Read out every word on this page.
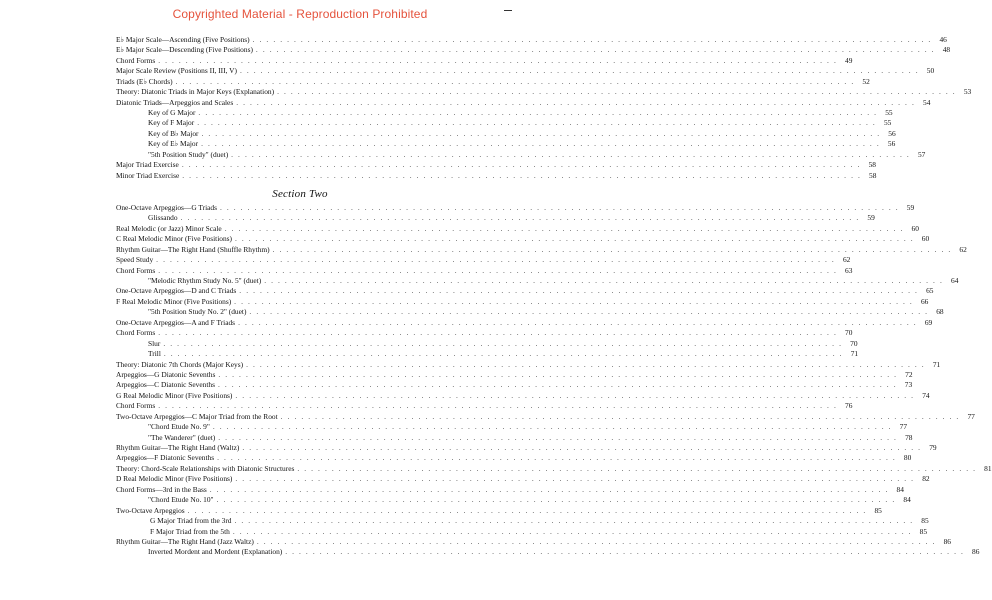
Copyrighted Material - Reproduction Prohibited
E♭ Major Scale—Ascending (Five Positions) . . . . . . . . . . . . . . . . . . . . . . . . . . . . . . . . . . . . . . . . . . . . . . . . . . . . . . . . . . . . . . . . . . . . . . . . . . . . . . . . . . . . . . . . . . . . . . . . . . .	46
E♭ Major Scale—Descending (Five Positions) . . . . . . . . . . . . . . . . . . . . . . . . . . . . . . . . . . . . . . . . . . . . . . . . . . . . . . . . . . . . . . . . . . . . . . . . . . . . . . . . . . . . . . . . . . . . . . . . . . .	48
Chord Forms . . . . . . . . . . . . . . . . . . . . . . . . . . . . . . . . . . . . . . . . . . . . . . . . . . . . . . . . . . . . . . . . . . . . . . . . . . . . . . . . . . . . . . . . . . . . . . . . . . .	49
Major Scale Review (Positions II, III, V) . . . . . . . . . . . . . . . . . . . . . . . . . . . . . . . . . . . . . . . . . . . . . . . . . . . . . . . . . . . . . . . . . . . . . . . . . . . . . . . . . . . . . . . . . . . . . . . . . . .	50
Triads (E♭ Chords) . . . . . . . . . . . . . . . . . . . . . . . . . . . . . . . . . . . . . . . . . . . . . . . . . . . . . . . . . . . . . . . . . . . . . . . . . . . . . . . . . . . . . . . . . . . . . . . . . . .	52
Theory: Diatonic Triads in Major Keys (Explanation) . . . . . . . . . . . . . . . . . . . . . . . . . . . . . . . . . . . . . . . . . . . . . . . . . . . . . . . . . . . . . . . . . . . . . . . . . . . . . . . . . . . . . . . . . . . . . . . . . . .	53
Diatonic Triads—Arpeggios and Scales . . . . . . . . . . . . . . . . . . . . . . . . . . . . . . . . . . . . . . . . . . . . . . . . . . . . . . . . . . . . . . . . . . . . . . . . . . . . . . . . . . . . . . . . . . . . . . . . . . .	54
Key of G Major . . . . . . . . . . . . . . . . . . . . . . . . . . . . . . . . . . . . . . . . . . . . . . . . . . . . . . . . . . . . . . . . . . . . . . . . . . . . . . . . . . . . . . . . . . . . . . . . . . .	55
Key of F Major . . . . . . . . . . . . . . . . . . . . . . . . . . . . . . . . . . . . . . . . . . . . . . . . . . . . . . . . . . . . . . . . . . . . . . . . . . . . . . . . . . . . . . . . . . . . . . . . . . .	55
Key of B♭ Major . . . . . . . . . . . . . . . . . . . . . . . . . . . . . . . . . . . . . . . . . . . . . . . . . . . . . . . . . . . . . . . . . . . . . . . . . . . . . . . . . . . . . . . . . . . . . . . . . . .	56
Key of E♭ Major . . . . . . . . . . . . . . . . . . . . . . . . . . . . . . . . . . . . . . . . . . . . . . . . . . . . . . . . . . . . . . . . . . . . . . . . . . . . . . . . . . . . . . . . . . . . . . . . . . .	56
"5th Position Study" (duet) . . . . . . . . . . . . . . . . . . . . . . . . . . . . . . . . . . . . . . . . . . . . . . . . . . . . . . . . . . . . . . . . . . . . . . . . . . . . . . . . . . . . . . . . . . . . . . . . . . .	57
Major Triad Exercise . . . . . . . . . . . . . . . . . . . . . . . . . . . . . . . . . . . . . . . . . . . . . . . . . . . . . . . . . . . . . . . . . . . . . . . . . . . . . . . . . . . . . . . . . . . . . . . . . . .	58
Minor Triad Exercise . . . . . . . . . . . . . . . . . . . . . . . . . . . . . . . . . . . . . . . . . . . . . . . . . . . . . . . . . . . . . . . . . . . . . . . . . . . . . . . . . . . . . . . . . . . . . . . . . . .	58
Section Two
One-Octave Arpeggios—G Triads . . . . . . . . . . . . . . . . . . . . . . . . . . . . . . . . . . . . . . . . . . . . . . . . . . . . . . . . . . . . . . . . . . . . . . . . . . . . . . . . . . . . . . . . . . . . . . . . . . .	59
Glissando . . . . . . . . . . . . . . . . . . . . . . . . . . . . . . . . . . . . . . . . . . . . . . . . . . . . . . . . . . . . . . . . . . . . . . . . . . . . . . . . . . . . . . . . . . . . . . . . . . .	59
Real Melodic (or Jazz) Minor Scale . . . . . . . . . . . . . . . . . . . . . . . . . . . . . . . . . . . . . . . . . . . . . . . . . . . . . . . . . . . . . . . . . . . . . . . . . . . . . . . . . . . . . . . . . . . . . . . . . . .	60
C Real Melodic Minor (Five Positions) . . . . . . . . . . . . . . . . . . . . . . . . . . . . . . . . . . . . . . . . . . . . . . . . . . . . . . . . . . . . . . . . . . . . . . . . . . . . . . . . . . . . . . . . . . . . . . . . . . .	60
Rhythm Guitar—The Right Hand (Shuffle Rhythm) . . . . . . . . . . . . . . . . . . . . . . . . . . . . . . . . . . . . . . . . . . . . . . . . . . . . . . . . . . . . . . . . . . . . . . . . . . . . . . . . . . . . . . . . . . . . . . . . . . .	62
Speed Study . . . . . . . . . . . . . . . . . . . . . . . . . . . . . . . . . . . . . . . . . . . . . . . . . . . . . . . . . . . . . . . . . . . . . . . . . . . . . . . . . . . . . . . . . . . . . . . . . . .	62
Chord Forms . . . . . . . . . . . . . . . . . . . . . . . . . . . . . . . . . . . . . . . . . . . . . . . . . . . . . . . . . . . . . . . . . . . . . . . . . . . . . . . . . . . . . . . . . . . . . . . . . . .	63
"Melodic Rhythm Study No. 5" (duet) . . . . . . . . . . . . . . . . . . . . . . . . . . . . . . . . . . . . . . . . . . . . . . . . . . . . . . . . . . . . . . . . . . . . . . . . . . . . . . . . . . . . . . . . . . . . . . . . . . .	64
One-Octave Arpeggios—D and C Triads . . . . . . . . . . . . . . . . . . . . . . . . . . . . . . . . . . . . . . . . . . . . . . . . . . . . . . . . . . . . . . . . . . . . . . . . . . . . . . . . . . . . . . . . . . . . . . . . . . .	65
F Real Melodic Minor (Five Positions) . . . . . . . . . . . . . . . . . . . . . . . . . . . . . . . . . . . . . . . . . . . . . . . . . . . . . . . . . . . . . . . . . . . . . . . . . . . . . . . . . . . . . . . . . . . . . . . . . . .	66
"5th Position Study No. 2" (duet) . . . . . . . . . . . . . . . . . . . . . . . . . . . . . . . . . . . . . . . . . . . . . . . . . . . . . . . . . . . . . . . . . . . . . . . . . . . . . . . . . . . . . . . . . . . . . . . . . . .	68
One-Octave Arpeggios—A and F Triads . . . . . . . . . . . . . . . . . . . . . . . . . . . . . . . . . . . . . . . . . . . . . . . . . . . . . . . . . . . . . . . . . . . . . . . . . . . . . . . . . . . . . . . . . . . . . . . . . . .	69
Chord Forms . . . . . . . . . . . . . . . . . . . . . . . . . . . . . . . . . . . . . . . . . . . . . . . . . . . . . . . . . . . . . . . . . . . . . . . . . . . . . . . . . . . . . . . . . . . . . . . . . . .	70
Slur . . . . . . . . . . . . . . . . . . . . . . . . . . . . . . . . . . . . . . . . . . . . . . . . . . . . . . . . . . . . . . . . . . . . . . . . . . . . . . . . . . . . . . . . . . . . . . . . . . .	70
Trill . . . . . . . . . . . . . . . . . . . . . . . . . . . . . . . . . . . . . . . . . . . . . . . . . . . . . . . . . . . . . . . . . . . . . . . . . . . . . . . . . . . . . . . . . . . . . . . . . . .	71
Theory: Diatonic 7th Chords (Major Keys) . . . . . . . . . . . . . . . . . . . . . . . . . . . . . . . . . . . . . . . . . . . . . . . . . . . . . . . . . . . . . . . . . . . . . . . . . . . . . . . . . . . . . . . . . . . . . . . . . . .	71
Arpeggios—G Diatonic Sevenths . . . . . . . . . . . . . . . . . . . . . . . . . . . . . . . . . . . . . . . . . . . . . . . . . . . . . . . . . . . . . . . . . . . . . . . . . . . . . . . . . . . . . . . . . . . . . . . . . . .	72
Arpeggios—C Diatonic Sevenths . . . . . . . . . . . . . . . . . . . . . . . . . . . . . . . . . . . . . . . . . . . . . . . . . . . . . . . . . . . . . . . . . . . . . . . . . . . . . . . . . . . . . . . . . . . . . . . . . . .	73
G Real Melodic Minor (Five Positions) . . . . . . . . . . . . . . . . . . . . . . . . . . . . . . . . . . . . . . . . . . . . . . . . . . . . . . . . . . . . . . . . . . . . . . . . . . . . . . . . . . . . . . . . . . . . . . . . . . .	74
Chord Forms . . . . . . . . . . . . . . . . . . . . . . . . . . . . . . . . . . . . . . . . . . . . . . . . . . . . . . . . . . . . . . . . . . . . . . . . . . . . . . . . . . . . . . . . . . . . . . . . . . .	76
Two-Octave Arpeggios—C Major Triad from the Root . . . . . . . . . . . . . . . . . . . . . . . . . . . . . . . . . . . . . . . . . . . . . . . . . . . . . . . . . . . . . . . . . . . . . . . . . . . . . . . . . . . . . . . . . . . . . . . . . . .	77
"Chord Etude No. 9" . . . . . . . . . . . . . . . . . . . . . . . . . . . . . . . . . . . . . . . . . . . . . . . . . . . . . . . . . . . . . . . . . . . . . . . . . . . . . . . . . . . . . . . . . . . . . . . . . . .	77
"The Wanderer" (duet) . . . . . . . . . . . . . . . . . . . . . . . . . . . . . . . . . . . . . . . . . . . . . . . . . . . . . . . . . . . . . . . . . . . . . . . . . . . . . . . . . . . . . . . . . . . . . . . . . . .	78
Rhythm Guitar—The Right Hand (Waltz) . . . . . . . . . . . . . . . . . . . . . . . . . . . . . . . . . . . . . . . . . . . . . . . . . . . . . . . . . . . . . . . . . . . . . . . . . . . . . . . . . . . . . . . . . . . . . . . . . . .	79
Arpeggios—F Diatonic Sevenths . . . . . . . . . . . . . . . . . . . . . . . . . . . . . . . . . . . . . . . . . . . . . . . . . . . . . . . . . . . . . . . . . . . . . . . . . . . . . . . . . . . . . . . . . . . . . . . . . . .	80
Theory: Chord-Scale Relationships with Diatonic Structures . . . . . . . . . . . . . . . . . . . . . . . . . . . . . . . . . . . . . . . . . . . . . . . . . . . . . . . . . . . . . . . . . . . . . . . . . . . . . . . . . . . . . . . . . . . . . . . . . . .	81
D Real Melodic Minor (Five Positions) . . . . . . . . . . . . . . . . . . . . . . . . . . . . . . . . . . . . . . . . . . . . . . . . . . . . . . . . . . . . . . . . . . . . . . . . . . . . . . . . . . . . . . . . . . . . . . . . . . .	82
Chord Forms—3rd in the Bass . . . . . . . . . . . . . . . . . . . . . . . . . . . . . . . . . . . . . . . . . . . . . . . . . . . . . . . . . . . . . . . . . . . . . . . . . . . . . . . . . . . . . . . . . . . . . . . . . . .	84
"Chord Etude No. 10" . . . . . . . . . . . . . . . . . . . . . . . . . . . . . . . . . . . . . . . . . . . . . . . . . . . . . . . . . . . . . . . . . . . . . . . . . . . . . . . . . . . . . . . . . . . . . . . . . . .	84
Two-Octave Arpeggios . . . . . . . . . . . . . . . . . . . . . . . . . . . . . . . . . . . . . . . . . . . . . . . . . . . . . . . . . . . . . . . . . . . . . . . . . . . . . . . . . . . . . . . . . . . . . . . . . . .	85
G Major Triad from the 3rd . . . . . . . . . . . . . . . . . . . . . . . . . . . . . . . . . . . . . . . . . . . . . . . . . . . . . . . . . . . . . . . . . . . . . . . . . . . . . . . . . . . . . . . . . . . . . . . . . . .	85
F Major Triad from the 5th . . . . . . . . . . . . . . . . . . . . . . . . . . . . . . . . . . . . . . . . . . . . . . . . . . . . . . . . . . . . . . . . . . . . . . . . . . . . . . . . . . . . . . . . . . . . . . . . . . .	85
Rhythm Guitar—The Right Hand (Jazz Waltz) . . . . . . . . . . . . . . . . . . . . . . . . . . . . . . . . . . . . . . . . . . . . . . . . . . . . . . . . . . . . . . . . . . . . . . . . . . . . . . . . . . . . . . . . . . . . . . . . . . .	86
Inverted Mordent and Mordent (Explanation) . . . . . . . . . . . . . . . . . . . . . . . . . . . . . . . . . . . . . . . . . . . . . . . . . . . . . . . . . . . . . . . . . . . . . . . . . . . . . . . . . . . . . . . . . . . . . . . . . . .	86
